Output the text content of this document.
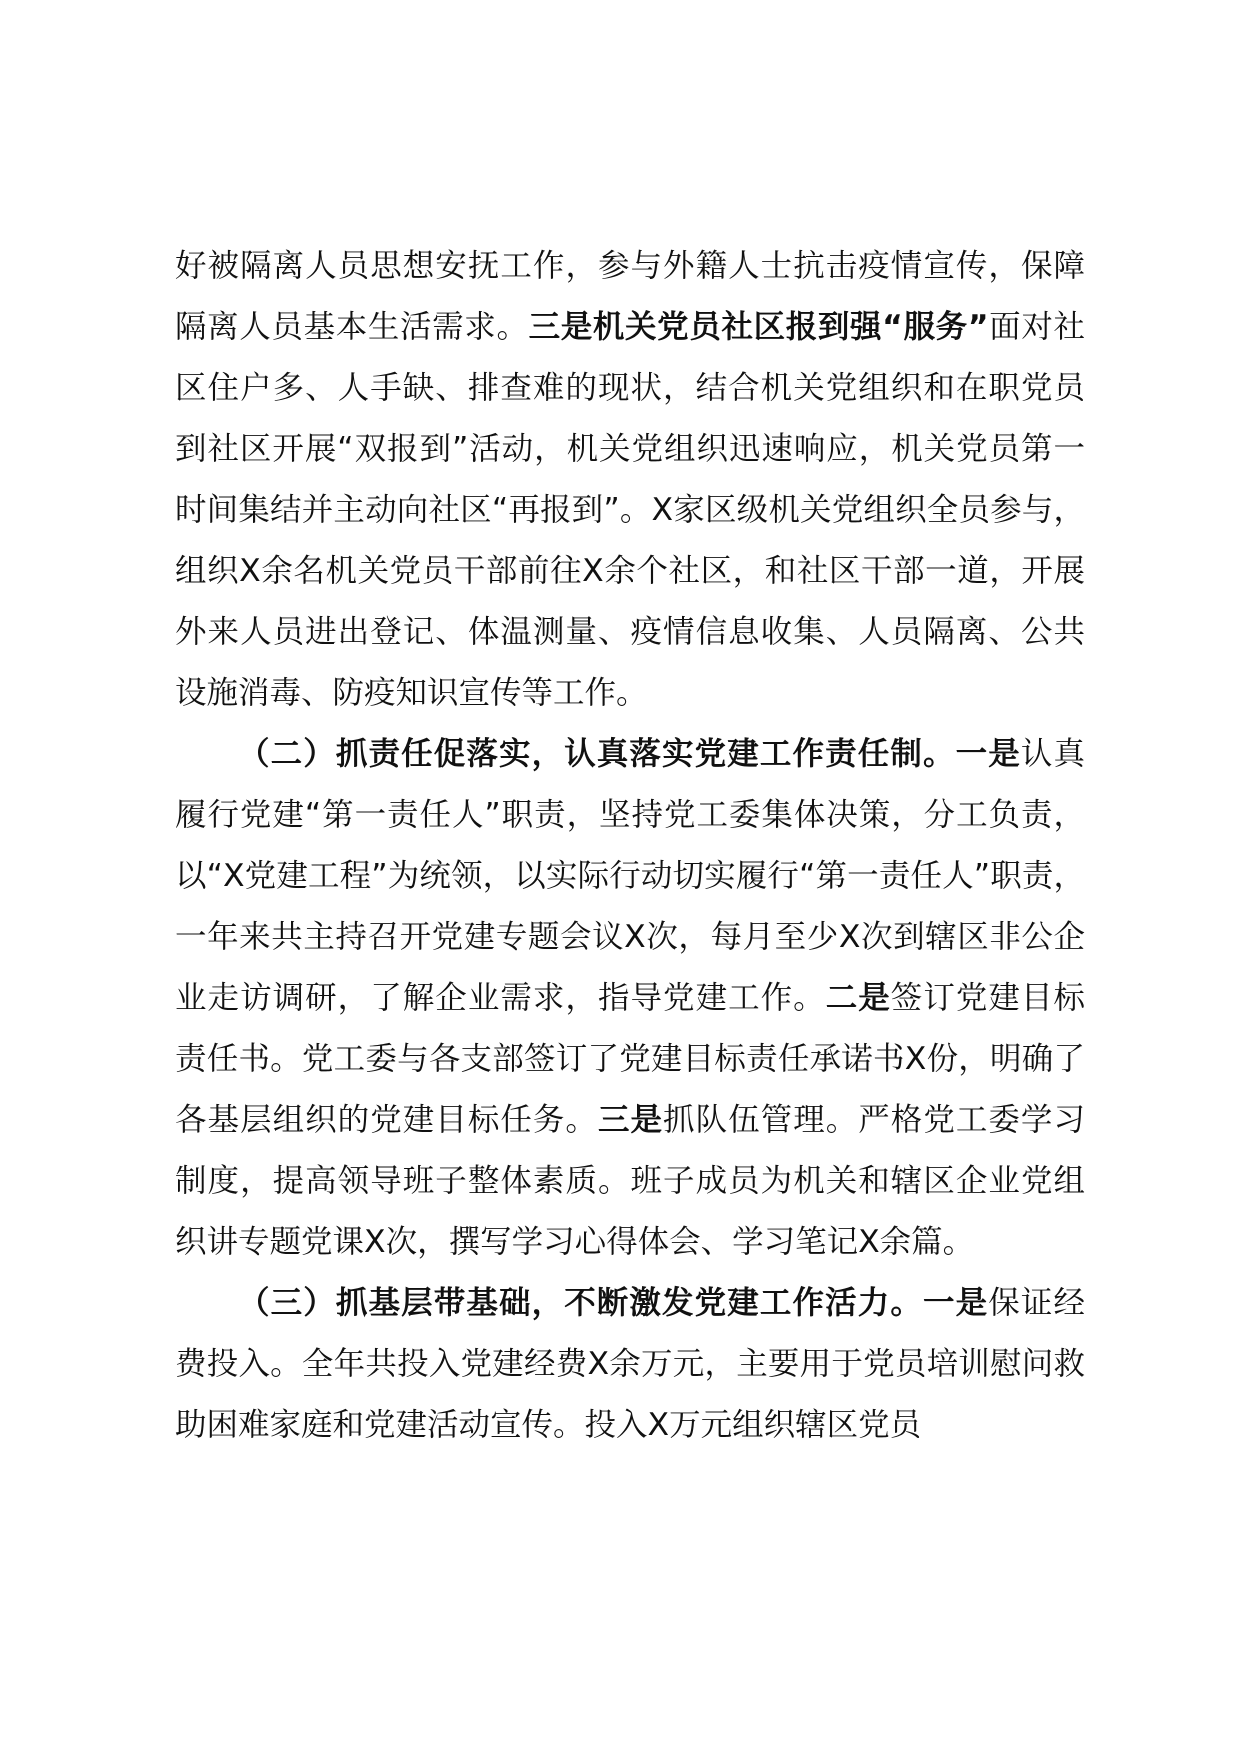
好被隔离人员思想安抚工作，参与外籍人士抗击疫情宣传，保障隔离人员基本生活需求。三是机关党员社区报到强“服务”面对社区住户多、人手缺、排查难的现状，结合机关党组织和在职党员到社区开展“双报到”活动，机关党组织迅速响应，机关党员第一时间集结并主动向社区“再报到”。X家区级机关党组织全员参与，组织X余名机关党员干部前往X余个社区，和社区干部一道，开展外来人员进出登记、体温测量、疫情信息收集、人员隔离、公共设施消毒、防疫知识宣传等工作。

（二）抓责任促落实，认真落实党建工作责任制。一是认真履行党建“第一责任人”职责，坚持党工委集体决策，分工负责，以“X党建工程”为统领，以实际行动切实履行“第一责任人”职责，一年来共主持召开党建专题会议X次，每月至少X次到辖区非公企业走访调研，了解企业需求，指导党建工作。二是签订党建目标责任书。党工委与各支部签订了党建目标责任承诺书X份，明确了各基层组织的党建目标任务。三是抓队伍管理。严格党工委学习制度，提高领导班子整体素质。班子成员为机关和辖区企业党组织讲专题党课X次，撰写学习心得体会、学习笔记X余篇。

（三）抓基层带基础，不断激发党建工作活力。一是保证经费投入。全年共投入党建经费X余万元，主要用于党员培训慰问救助困难家庭和党建活动宣传。投入X万元组织辖区党员
